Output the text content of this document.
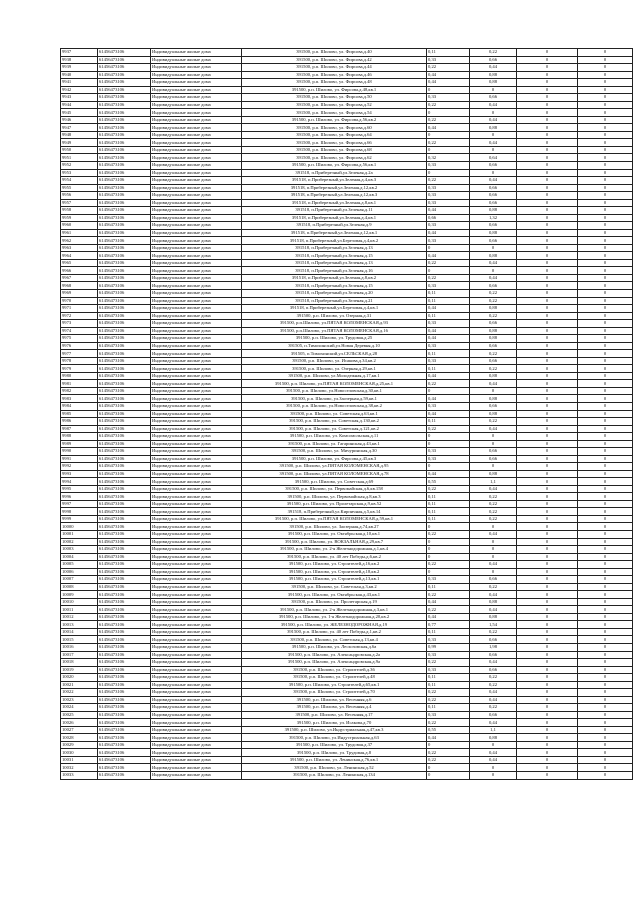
9937	61456473106	Индивидуальные жилые дома	391500, р.п. Шилово, ул. Фирсова,д.40	0,11	0,22	0	0
9938	61456473106	Индивидуальные жилые дома	391500, р.п. Шилово, ул. Фирсова,д.42	0,33	0,66	0	0
9939	61456473106	Индивидуальные жилые дома	391500, р.п. Шилово, ул. Фирсова,д.44	0,22	0,44	0	0
9940	61456473106	Индивидуальные жилые дома	391500, р.п. Шилово, ул. Фирсова,д.46	0,44	0,88	0	0
9941	61456473106	Индивидуальные жилые дома	391500, р.п. Шилово, ул. Фирсова,д.48	0,44	0,88	0	0
9942	61456473106	Индивидуальные жилые дома	391500, р.п. Шилово, ул. Фирсова,д.48,кв.1	0	0	0	0
9943	61456473106	Индивидуальные жилые дома	391500, р.п. Шилово, ул. Фирсова,д.50	0,33	0,66	0	0
9944	61456473106	Индивидуальные жилые дома	391500, р.п. Шилово, ул. Фирсова,д.52	0,22	0,44	0	0
9945	61456473106	Индивидуальные жилые дома	391500, р.п. Шилово, ул. Фирсова,д.54	0	0	0	0
9946	61456473106	Индивидуальные жилые дома	391500, р.п. Шилово, ул. Фирсова,д.56,кв.2	0,22	0,44	0	0
9947	61456473106	Индивидуальные жилые дома	391500, р.п. Шилово, ул. Фирсова,д.60	0,44	0,88	0	0
9948	61456473106	Индивидуальные жилые дома	391500, р.п. Шилово, ул. Фирсова,д.64	0	0	0	0
9949	61456473106	Индивидуальные жилые дома	391500, р.п. Шилово, ул. Фирсова,д.66	0,22	0,44	0	0
9950	61456473106	Индивидуальные жилые дома	391500, р.п. Шилово, ул. Фирсова,д.68	0	0	0	0
9951	61456473106	Индивидуальные жилые дома	391500, р.п. Шилово, ул. Фирсова,д.62	0,32	0,64	0	0
9952	61456473106	Индивидуальные жилые дома	391500, р.п. Шилово, ул. Фирсова,д.56,кв.1	0,33	0,66	0	0
9953	61456473106	Индивидуальные жилые дома	391518, п.Приберезный,ул.Зеленая,д.2а	0	0	0	0
9954	61456473106	Индивидуальные жилые дома	391518, п.Приберезный,ул.Зеленая,д.4,кв.3	0,22	0,44	0	0
9955	61456473106	Индивидуальные жилые дома	391518, п.Приберезный,ул.Зеленая,д.12,кв.2	0,33	0,66	0	0
9956	61456473106	Индивидуальные жилые дома	391518, п.Приберезный,ул.Зеленая,д.12,кв.3	0,33	0,66	0	0
9957	61456473106	Индивидуальные жилые дома	391518, п.Приберезный,ул.Зеленая,д.8,кв.1	0,33	0,66	0	0
9958	61456473106	Индивидуальные жилые дома	391518, п.Приберезный,ул.Зеленая,д.11	0,44	0,88	0	0
9959	61456473106	Индивидуальные жилые дома	391518, п.Приберезный,ул.Зеленая,д.4,кв.1	0,66	1,32	0	0
9960	61456473106	Индивидуальные жилые дома	391518, п.Приберезный,ул.Зеленая,д.9	0,33	0,66	0	0
9961	61456473106	Индивидуальные жилые дома	391518, п.Приберезный,ул.Зеленая,д.12,кв.1	0,44	0,88	0	0
9962	61456473106	Индивидуальные жилые дома	391518, п.Приберезный,ул.Березовая,д.4,кв.2	0,33	0,66	0	0
9963	61456473106	Индивидуальные жилые дома	391518, п.Приберезный,ул.Зеленая,д.13	0	0	0	0
9964	61456473106	Индивидуальные жилые дома	391518, п.Приберезный,ул.Зеленая,д.15	0,44	0,88	0	0
9965	61456473106	Индивидуальные жилые дома	391518, п.Приберезный,ул.Зеленая,д.13	0,22	0,44	0	0
9966	61456473106	Индивидуальные жилые дома	391518, п.Приберезный,ул.Зеленая,д.16	0	0	0	0
9967	61456473106	Индивидуальные жилые дома	391518, п.Приберезный,ул.Зеленая,д.8,кв.2	0,22	0,44	0	0
9968	61456473106	Индивидуальные жилые дома	391518, п.Приберезный,ул.Зеленая,д.15	0,33	0,66	0	0
9969	61456473106	Индивидуальные жилые дома	391518, п.Приберезный,ул.Зеленая,д.20	0,11	0,22	0	0
9970	61456473106	Индивидуальные жилые дома	391518, п.Приберезный,ул.Зеленая,д.21	0,11	0,22	0	0
9971	61456473106	Индивидуальные жилые дома	391518, п.Приберезный,ул.Березовая,д.4,кв.1	0,44	0,88	0	0
9972	61456473106	Индивидуальные жилые дома	391500, р.п. Шилово, ул. Озерная,д.31	0,11	0,22	0	0
9973	61456473106	Индивидуальные жилые дома	391500, р.п.Шилово, ул.ПЯТАЯ КОЛОМЕНСКАЯ,д.93	0,33	0,66	0	0
9974	61456473106	Индивидуальные жилые дома	391500, р.п.Шилово, ул.ПЯТАЯ КОЛОМЕНСКАЯ,д.16	0,44	0,88	0	0
9975	61456473106	Индивидуальные жилые дома	391500, р.п. Шилово, ул. Трудовая,д.25	0,44	0,88	0	0
9976	61456473106	Индивидуальные жилые дома	391505, п.Тимохинский,ул.Новая Деревня,д.10	0,33	0,66	0	0
9977	61456473106	Индивидуальные жилые дома	391505, п.Тимохинский,ул.СЕЛЬСКАЯ,д.28	0,11	0,22	0	0
9978	61456473106	Индивидуальные жилые дома	391500, р.п. Шилово, ул. Исакова,д.34,кв.2	0,33	0,66	0	0
9979	61456473106	Индивидуальные жилые дома	391500, р.п. Шилово, ул. Озерная,д.29,кв.1	0,11	0,22	0	0
9980	61456473106	Индивидуальные жилые дома	391500, р.п. Шилово, ул.Молодежная,д.17,кв.1	0,44	0,88	0	0
9981	61456473106	Индивидуальные жилые дома	391500, р.п. Шилово, ул.ПЯТАЯ КОЛОМЕНСКАЯ,д.25,кв.1	0,22	0,44	0	0
9982	61456473106	Индивидуальные жилые дома	391500, р.п. Шилово, ул.Новоселовская,д.30,кв.1	0	0	0	0
9983	61456473106	Индивидуальные жилые дома	391500, р.п. Шилово, ул.Заозерная,д.59,кв.1	0,44	0,88	0	0
9984	61456473106	Индивидуальные жилые дома	391500, р.п. Шилово, ул.Новоселовская,д.38,кв.2	0,33	0,66	0	0
9985	61456473106	Индивидуальные жилые дома	391500, р.п. Шилово, ул. Советская,д.63,кв.1	0,44	0,88	0	0
9986	61456473106	Индивидуальные жилые дома	391500, р.п. Шилово, ул. Советская,д.130,кв.2	0,11	0,22	0	0
9987	61456473106	Индивидуальные жилые дома	391500, р.п. Шилово, ул. Советская,д.121,кв.2	0,22	0,44	0	0
9988	61456473106	Индивидуальные жилые дома	391500, р.п. Шилово, ул. Комсомольская,д.11	0	0	0	0
9989	61456473106	Индивидуальные жилые дома	391500, р.п. Шилово, ул. Гагаринская,д.43,кв.1	0	0	0	0
9990	61456473106	Индивидуальные жилые дома	391500, р.п. Шилово, ул. Мичуринская,д.30	0,33	0,66	0	0
9991	61456473106	Индивидуальные жилые дома	391500, р.п. Шилово, ул. Фирсова,д.45,кв.3	0,33	0,66	0	0
9992	61456473106	Индивидуальные жилые дома	391500, р.п. Шилово, ул.ПЯТАЯ КОЛОМЕНСКАЯ,д.95	0	0	0	0
9993	61456473106	Индивидуальные жилые дома	391500, р.п. Шилово, ул.ПЯТАЯ КОЛОМЕНСКАЯ,д.78	0,44	0,88	0	0
9994	61456473106	Индивидуальные жилые дома	391500, р.п. Шилово, ул. Советская,д.69	0,55	1,1	0	0
9995	61456473106	Индивидуальные жилые дома	391500, р.п. Шилово, ул. Первомайская,д.6,кв.158	0,22	0,44	0	0
9996	61456473106	Индивидуальные жилые дома	391500, р.п. Шилово, ул. Первомайская,д.8,кв.3	0,11	0,22	0	0
9997	61456473106	Индивидуальные жилые дома	391500, р.п. Шилово, ул. Пролетарская,д.9,кв.52	0,11	0,22	0	0
9998	61456473106	Индивидуальные жилые дома	391518, п.Приберезный,ул.Кирпичная,д.5,кв.14	0,11	0,22	0	0
9999	61456473106	Индивидуальные жилые дома	391500, р.п. Шилово, ул.ПЯТАЯ КОЛОМЕНСКАЯ,д.59,кв.1	0,11	0,22	0	0
10000	61456473106	Индивидуальные жилые дома	391500, р.п. Шилово, ул. Заозерная,д.74,кв.27	0	0	0	0
10001	61456473106	Индивидуальные жилые дома	391500, р.п. Шилово, ул. Октябрьская,д.10,кв.1	0,22	0,44	0	0
10002	61456473106	Индивидуальные жилые дома	391500, р.п. Шилово, ул. ВОКЗАЛЬНАЯ,д.29,кв.7	0	0	0	0
10003	61456473106	Индивидуальные жилые дома	391500, р.п. Шилово, ул. 2-я Железнодорожная,д.1,кв.4	0	0	0	0
10004	61456473106	Индивидуальные жилые дома	391500, р.п. Шилово, ул. 40 лет Победы,д.6,кв.2	0	0	0	0
10005	61456473106	Индивидуальные жилые дома	391500, р.п. Шилово, ул. Строителей,д.16,кв.2	0,22	0,44	0	0
10006	61456473106	Индивидуальные жилые дома	391500, р.п. Шилово, ул. Строителей,д.18,кв.2	0	0	0	0
10007	61456473106	Индивидуальные жилые дома	391500, р.п. Шилово, ул. Строителей,д.13,кв.1	0,33	0,66	0	0
10008	61456473106	Индивидуальные жилые дома	391500, р.п. Шилово, ул. Советская,д.3,кв.2	0,11	0,22	0	0
10009	61456473106	Индивидуальные жилые дома	391500, р.п. Шилово, ул. Октябрьская,д.43,кв.1	0,22	0,44	0	0
10010	61456473106	Индивидуальные жилые дома	391500, р.п. Шилово, ул. Пролетарская,д.19	0,44	0,88	0	0
10011	61456473106	Индивидуальные жилые дома	391500, р.п. Шилово, ул. 2-я Железнодорожная,д.3,кв.1	0,22	0,44	0	0
10012	61456473106	Индивидуальные жилые дома	391500, р.п. Шилово, ул. 1-я Железнодорожная,д.20,кв.2	0,44	0,88	0	0
10013	61456473106	Индивидуальные жилые дома	391500, р.п. Шилово, ул. ЖЕЛЕЗНОДОРОЖНАЯ,д.19	0,77	1,54	0	0
10014	61456473106	Индивидуальные жилые дома	391500, р.п. Шилово, ул. 40 лет Победы,д.1,кв.2	0,11	0,22	0	0
10015	61456473106	Индивидуальные жилые дома	391500, р.п. Шилово, ул. Советская,д.13,кв.4	0,33	0,66	0	0
10016	61456473106	Индивидуальные жилые дома	391500, р.п. Шилово, ул. Лесхозовская,д.6а	0,99	1,98	0	0
10017	61456473106	Индивидуальные жилые дома	391500, р.п. Шилово, ул. Александровская,д.2а	0,33	0,66	0	0
10018	61456473106	Индивидуальные жилые дома	391500, р.п. Шилово, ул. Александровская,д.9а	0,22	0,44	0	0
10019	61456473106	Индивидуальные жилые дома	391500, р.п. Шилово, ул. Строителей,д.36	0,33	0,66	0	0
10020	61456473106	Индивидуальные жилые дома	391500, р.п. Шилово, ул. Строителей,д.48	0,11	0,22	0	0
10021	61456473106	Индивидуальные жилые дома	391500, р.п. Шилово, ул. Строителей,д.65,кв.1	0,11	0,22	0	0
10022	61456473106	Индивидуальные жилые дома	391500, р.п. Шилово, ул. Строителей,д.70	0,22	0,44	0	0
10023	61456473106	Индивидуальные жилые дома	391500, р.п. Шилово, ул. Весенняя,д.6	0,22	0,44	0	0
10024	61456473106	Индивидуальные жилые дома	391500, р.п. Шилово, ул. Весенняя,д.4	0,11	0,22	0	0
10025	61456473106	Индивидуальные жилые дома	391500, р.п. Шилово, ул. Весенняя,д.17	0,33	0,66	0	0
10026	61456473106	Индивидуальные жилые дома	391500, р.п. Шилово, ул. Исакова,д.70	0,22	0,44	0	0
10027	61456473106	Индивидуальные жилые дома	391500, р.п. Шилово, ул.Индустриальная,д.47,кв.3	0,55	1,1	0	0
10028	61456473106	Индивидуальные жилые дома	391500, р.п. Шилово, ул.Индустриальная,д.63	0,44	0,88	0	0
10029	61456473106	Индивидуальные жилые дома	391500, р.п. Шилово, ул. Трудовая,д.37	0	0	0	0
10030	61456473106	Индивидуальные жилые дома	391500, р.п. Шилово, ул. Трудовая,д.8	0,22	0,44	0	0
10031	61456473106	Индивидуальные жилые дома	391500, р.п. Шилово, ул. Ленинская,д.76,кв.1	0,22	0,44	0	0
10032	61456473106	Индивидуальные жилые дома	391500, р.п. Шилово, ул. Ленинская,д.52	0	0	0	0
10033	61456473106	Индивидуальные жилые дома	391500, р.п. Шилово, ул. Ленинская,д.134	0	0	0	0
